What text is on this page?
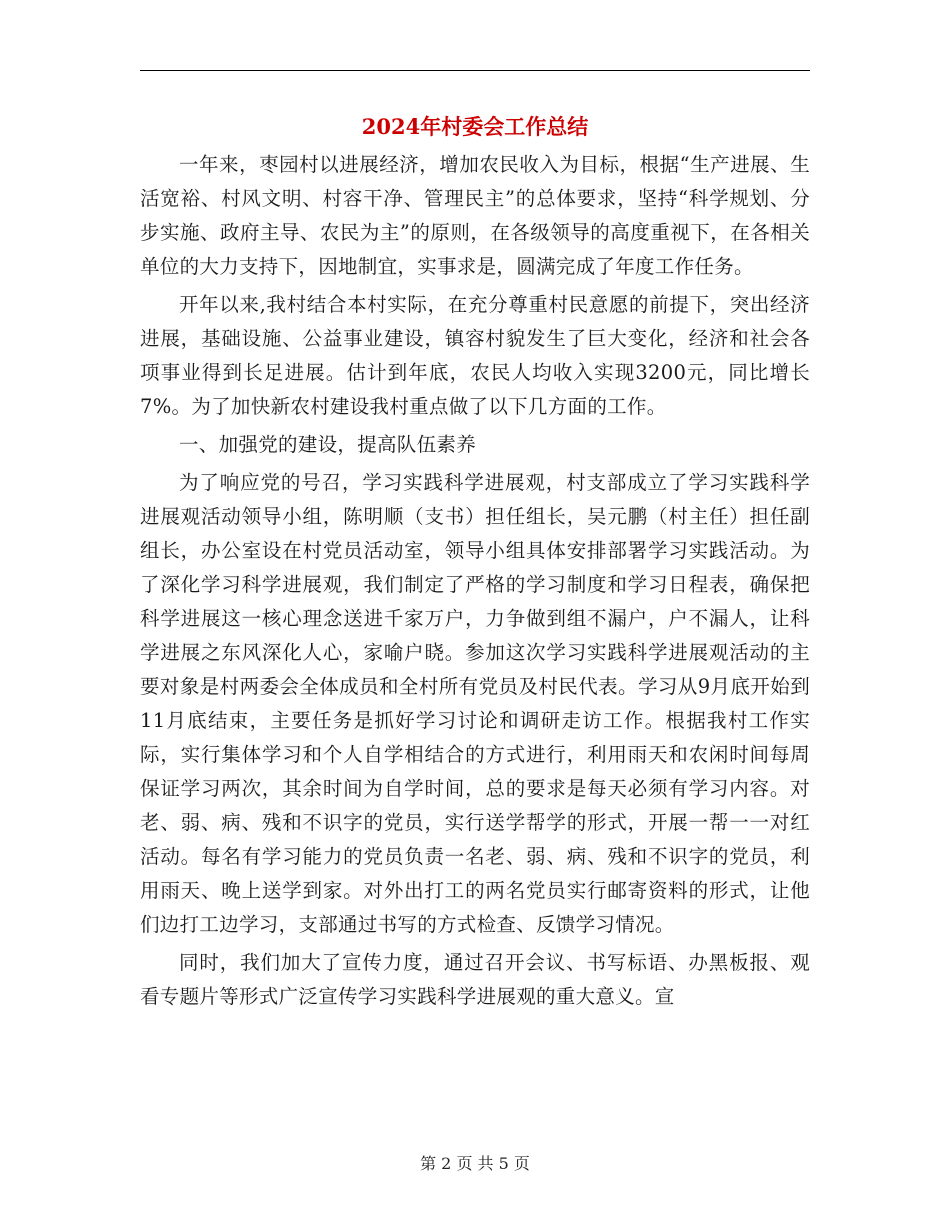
2024年村委会工作总结

一年来，枣园村以进展经济，增加农民收入为目标，根据“生产进展、生活宽裕、村风文明、村容干净、管理民主”的总体要求，坚持“科学规划、分步实施、政府主导、农民为主”的原则，在各级领导的高度重视下，在各相关单位的大力支持下，因地制宜，实事求是，圆满完成了年度工作任务。

开年以来,我村结合本村实际，在充分尊重村民意愿的前提下，突出经济进展，基础设施、公益事业建设，镇容村貌发生了巨大变化，经济和社会各项事业得到长足进展。估计到年底，农民人均收入实现3200元，同比增长7%。为了加快新农村建设我村重点做了以下几方面的工作。

一、加强党的建设，提高队伍素养

为了响应党的号召，学习实践科学进展观，村支部成立了学习实践科学进展观活动领导小组，陈明顺（支书）担任组长，吴元鹏（村主任）担任副组长，办公室设在村党员活动室，领导小组具体安排部署学习实践活动。为了深化学习科学进展观，我们制定了严格的学习制度和学习日程表，确保把科学进展这一核心理念送进千家万户，力争做到组不漏户，户不漏人，让科学进展之东风深化人心，家喻户晓。参加这次学习实践科学进展观活动的主要对象是村两委会全体成员和全村所有党员及村民代表。学习从9月底开始到11月底结束，主要任务是抓好学习讨论和调研走访工作。根据我村工作实际，实行集体学习和个人自学相结合的方式进行，利用雨天和农闲时间每周保证学习两次，其余时间为自学时间，总的要求是每天必须有学习内容。对老、弱、病、残和不识字的党员，实行送学帮学的形式，开展一帮一一对红活动。每名有学习能力的党员负责一名老、弱、病、残和不识字的党员，利用雨天、晚上送学到家。对外出打工的两名党员实行邮寄资料的形式，让他们边打工边学习，支部通过书写的方式检查、反馈学习情况。

同时，我们加大了宣传力度，通过召开会议、书写标语、办黑板报、观看专题片等形式广泛宣传学习实践科学进展观的重大意义。宣

第 2 页 共 5 页
